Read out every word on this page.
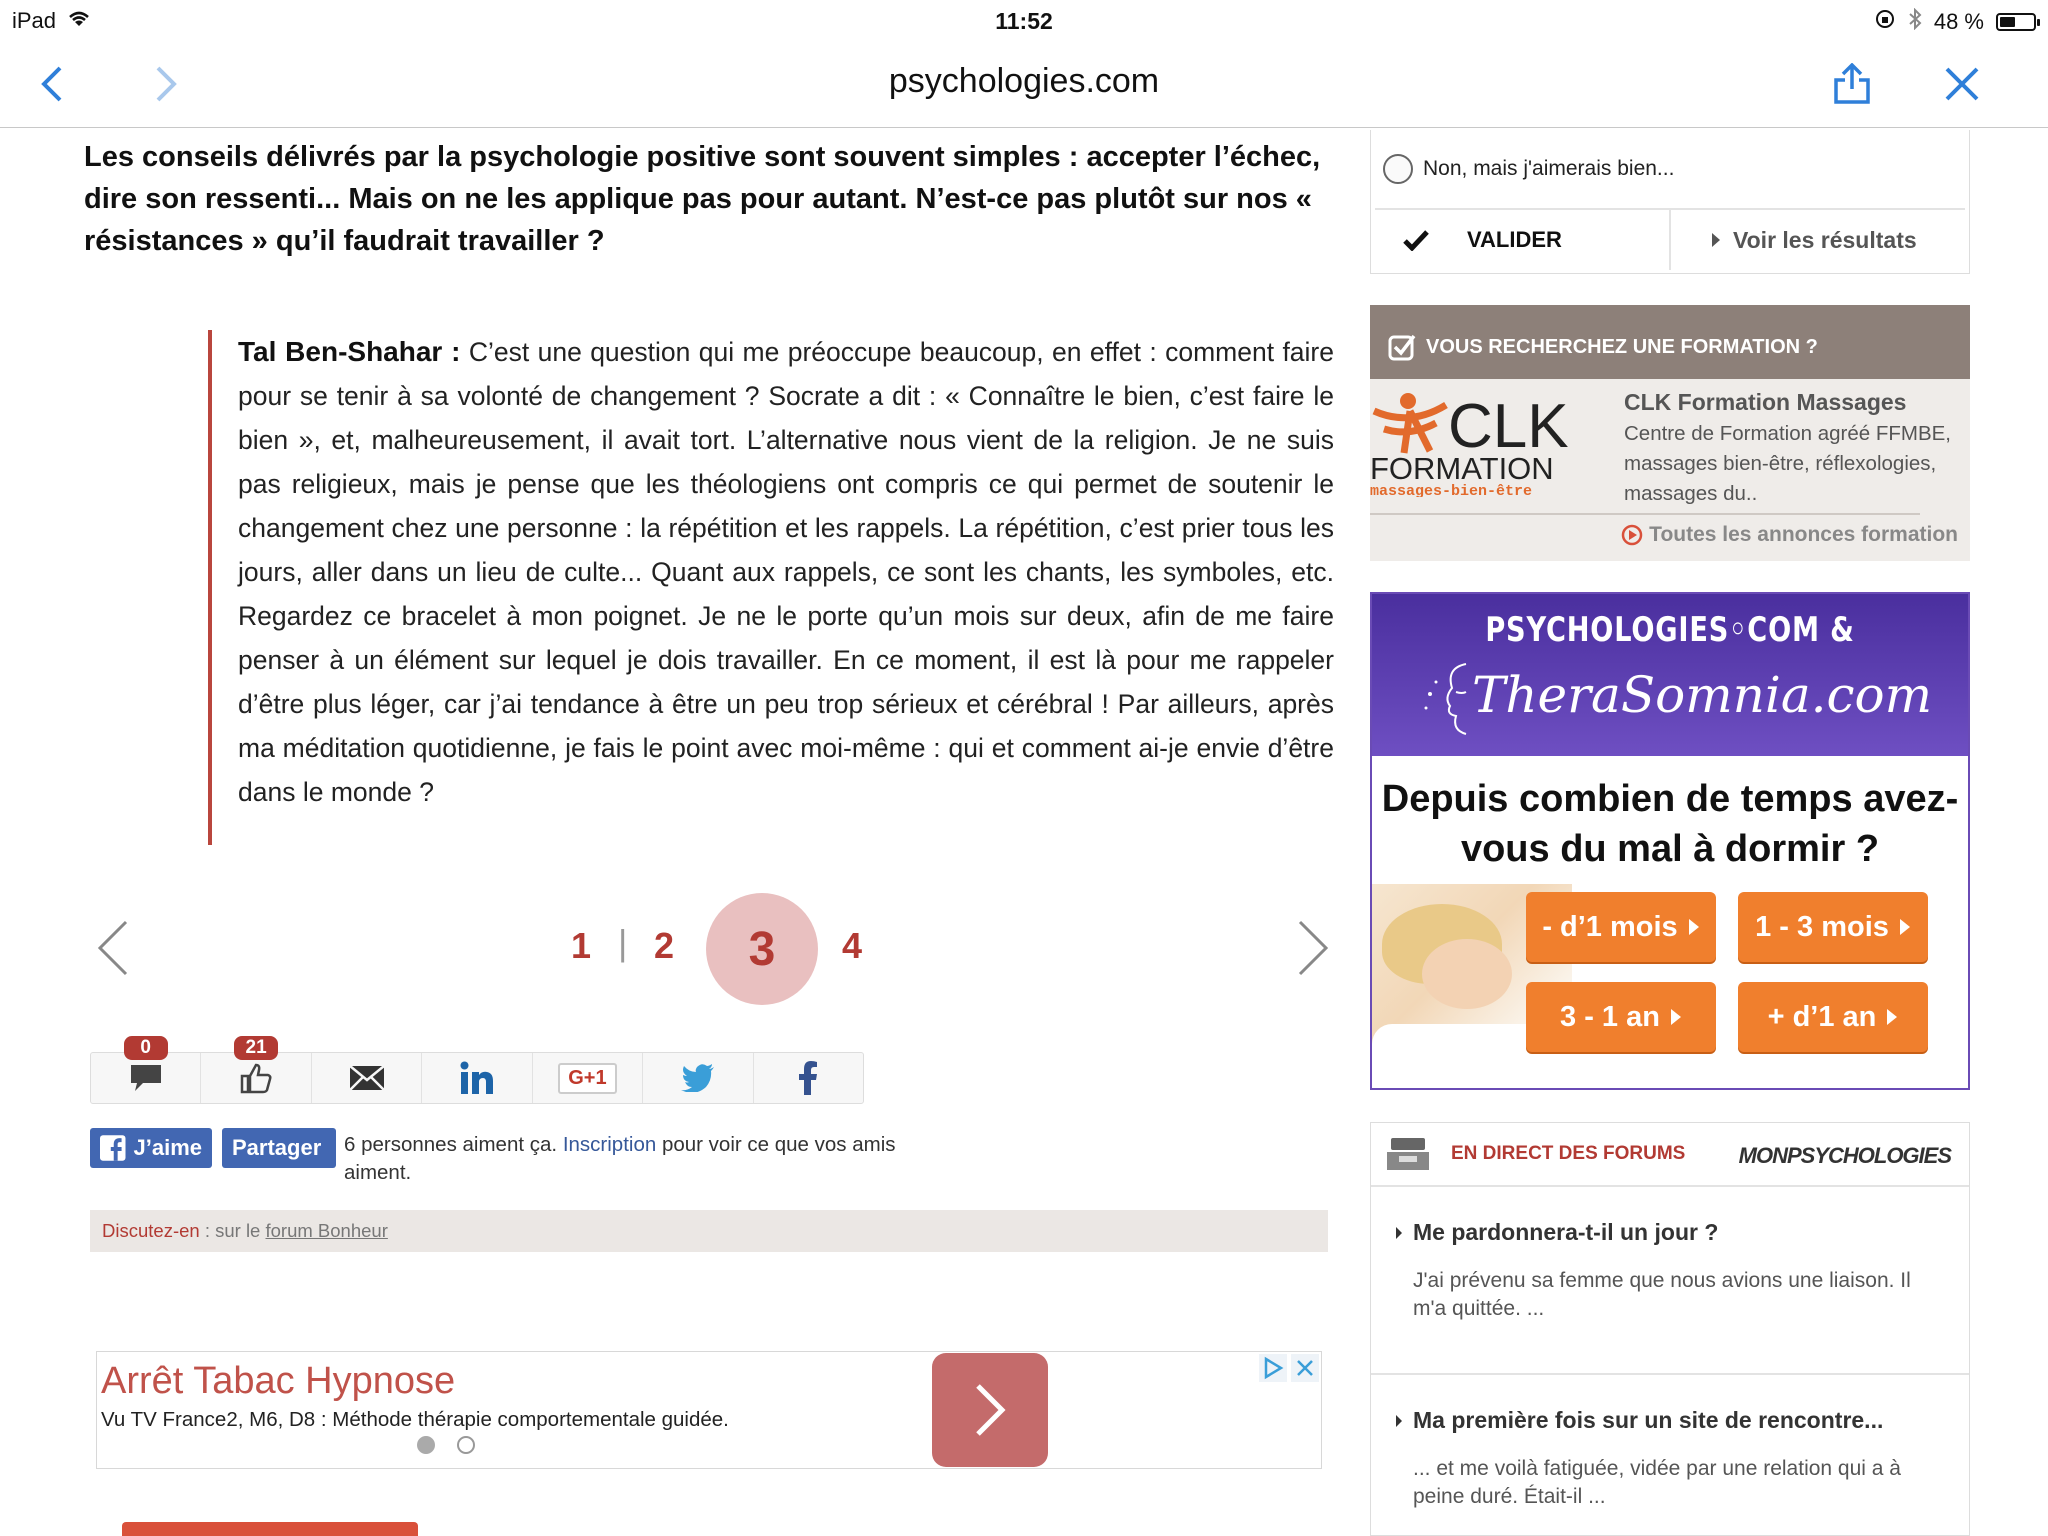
iPad	11:52	48 %
psychologies.com
Les conseils délivrés par la psychologie positive sont souvent simples : accepter l’échec, dire son ressenti... Mais on ne les applique pas pour autant. N’est-ce pas plutôt sur nos « résistances » qu’il faudrait travailler ?

Tal Ben-Shahar : C’est une question qui me préoccupe beaucoup, en effet : comment faire pour se tenir à sa volonté de changement ? Socrate a dit : « Connaître le bien, c’est faire le bien », et, malheureusement, il avait tort. L’alternative nous vient de la religion. Je ne suis pas religieux, mais je pense que les théologiens ont compris ce qui permet de soutenir le changement chez une personne : la répétition et les rappels. La répétition, c’est prier tous les jours, aller dans un lieu de culte... Quant aux rappels, ce sont les chants, les symboles, etc. Regardez ce bracelet à mon poignet. Je ne le porte qu’un mois sur deux, afin de me faire penser à un élément sur lequel je dois travailler. En ce moment, il est là pour me rappeler d’être plus léger, car j’ai tendance à être un peu trop sérieux et cérébral ! Par ailleurs, après ma méditation quotidienne, je fais le point avec moi-même : qui et comment ai-je envie d’être dans le monde ?

1 | 2	3	4
0	21
G+1
J’aime Partager 6 personnes aiment ça. Inscription pour voir ce que vos amis aiment.
Discutez-en : sur le forum Bonheur
Arrêt Tabac Hypnose
Vu TV France2, M6, D8 : Méthode thérapie comportementale guidée.
Non, mais j'aimerais bien...
VALIDER	Voir les résultats
VOUS RECHERCHEZ UNE FORMATION ?
CLK
FORMATION
massages-bien-être
CLK Formation Massages
Centre de Formation agréé FFMBE, massages bien-être, réflexologies, massages du..
Toutes les annonces formation
PSYCHOLOGIES◦COM &
TheraSomnia.com
Depuis combien de temps avez-vous du mal à dormir ?
- d’1 mois	1 - 3 mois
3 - 1 an	+ d’1 an
EN DIRECT DES FORUMS MONPSYCHOLOGIES
Me pardonnera-t-il un jour ?
J'ai prévenu sa femme que nous avions une liaison. Il m'a quittée. ...
Ma première fois sur un site de rencontre...
... et me voilà fatiguée, vidée par une relation qui a à peine duré. Était-il ...
